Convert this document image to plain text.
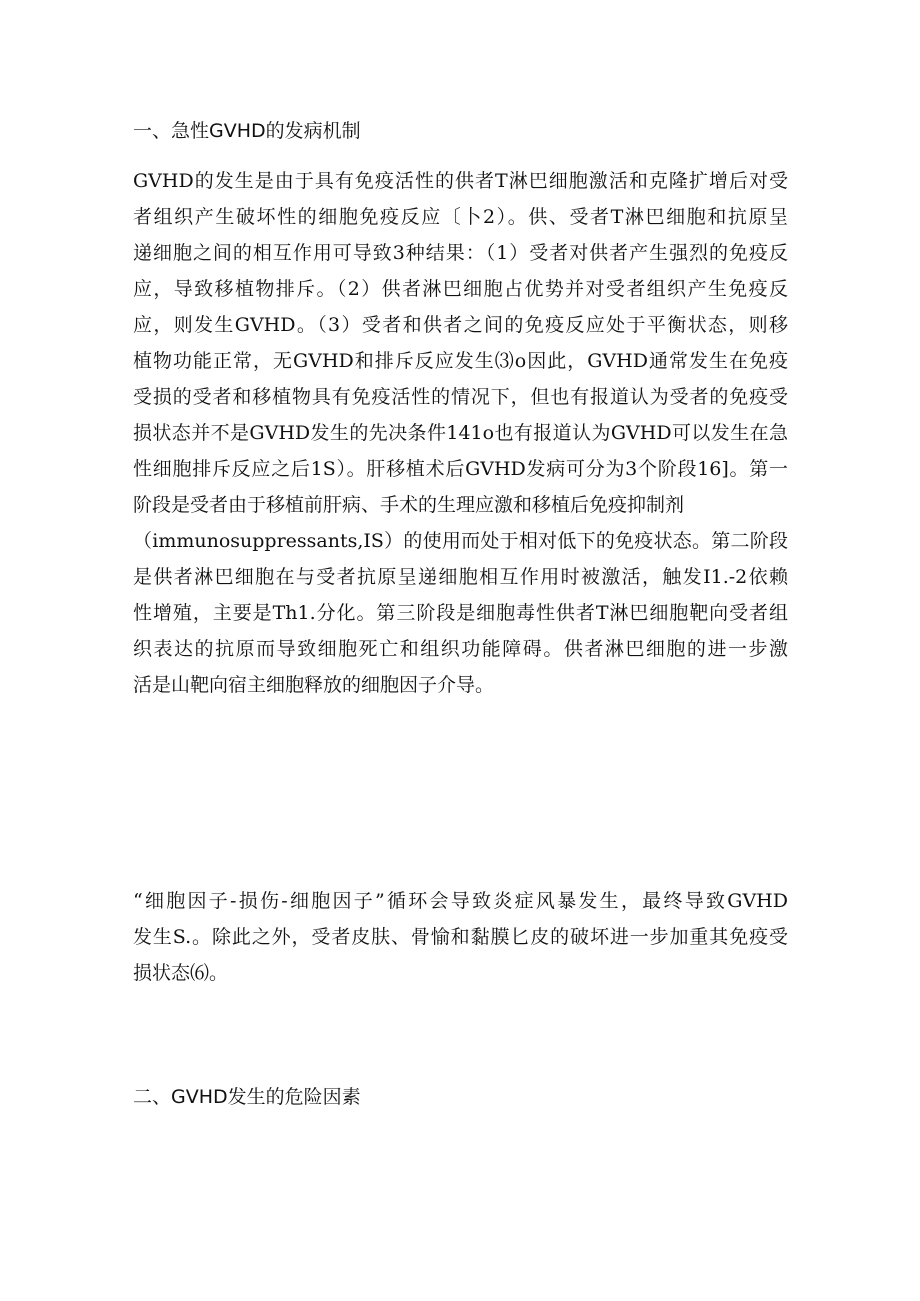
一、急性GVHD的发病机制
GVHD的发生是由于具有免疫活性的供者T淋巴细胞激活和克隆扩增后对受
者组织产生破坏性的细胞免疫反应〔卜2）。供、受者T淋巴细胞和抗原呈
递细胞之间的相互作用可导致3种结果：（1）受者对供者产生强烈的免疫反
应，导致移植物排斥。（2）供者淋巴细胞占优势并对受者组织产生免疫反
应，则发生GVHD。（3）受者和供者之间的免疫反应处于平衡状态，则移
植物功能正常，无GVHD和排斥反应发生⑶o因此，GVHD通常发生在免疫
受损的受者和移植物具有免疫活性的情况下，但也有报道认为受者的免疫受
损状态并不是GVHD发生的先决条件141o也有报道认为GVHD可以发生在急
性细胞排斥反应之后1S）。肝移植术后GVHD发病可分为3个阶段16]。第一
阶段是受者由于移植前肝病、手术的生理应激和移植后免疫抑制剂
（immunosuppressants,IS）的使用而处于相对低下的免疫状态。第二阶段
是供者淋巴细胞在与受者抗原呈递细胞相互作用时被激活，触发I1.-2依赖
性增殖，主要是Th1.分化。第三阶段是细胞毒性供者T淋巴细胞靶向受者组
织表达的抗原而导致细胞死亡和组织功能障碍。供者淋巴细胞的进一步激
活是山靶向宿主细胞释放的细胞因子介导。
“细胞因子-损伤-细胞因子”循环会导致炎症风暴发生，最终导致GVHD
发生S.。除此之外，受者皮肤、骨愉和黏膜匕皮的破坏进一步加重其免疫受
损状态⑹。
二、GVHD发生的危险因素
